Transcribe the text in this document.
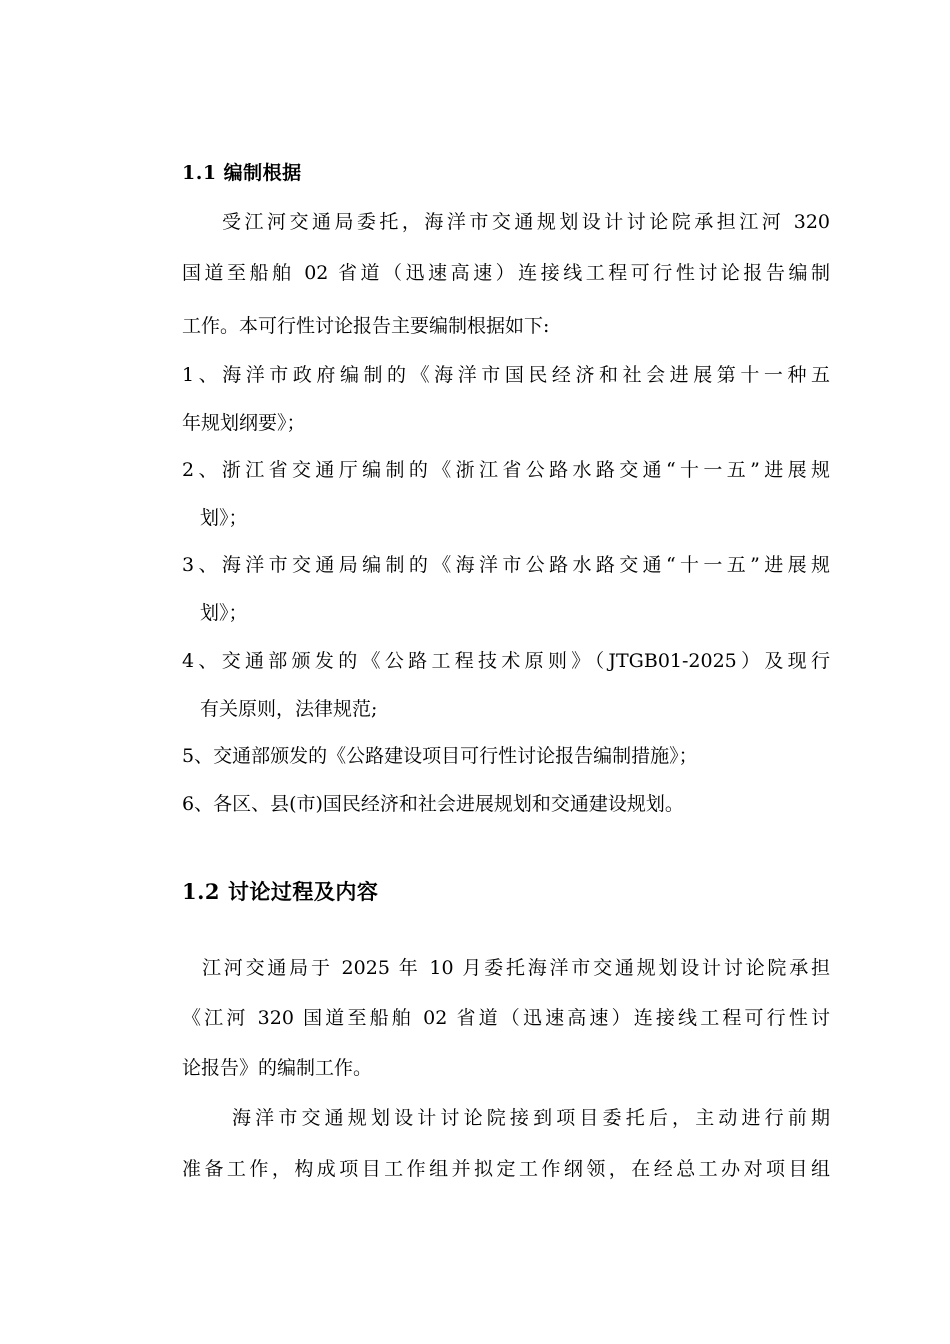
1.1 编制根据
受江河交通局委托，海洋市交通规划设计讨论院承担江河 320
国道至船舶 02 省道（迅速高速）连接线工程可行性讨论报告编制
工作。本可行性讨论报告主要编制根据如下:
1、海洋市政府编制的《海洋市国民经济和社会进展第十一种五
年规划纲要》；
2、浙江省交通厅编制的《浙江省公路水路交通“十一五”进展规
划》；
3、海洋市交通局编制的《海洋市公路水路交通“十一五”进展规
划》；
4、交通部颁发的《公路工程技术原则》（JTGB01-2025）及现行
有关原则，法律规范;
5、交通部颁发的《公路建设项目可行性讨论报告编制措施》；
6、各区、县(市)国民经济和社会进展规划和交通建设规划。
1.2 讨论过程及内容
江河交通局于 2025 年 10 月委托海洋市交通规划设计讨论院承担
《江河 320 国道至船舶 02 省道（迅速高速）连接线工程可行性讨
论报告》的编制工作。
海洋市交通规划设计讨论院接到项目委托后，主动进行前期
准备工作，构成项目工作组并拟定工作纲领，在经总工办对项目组
